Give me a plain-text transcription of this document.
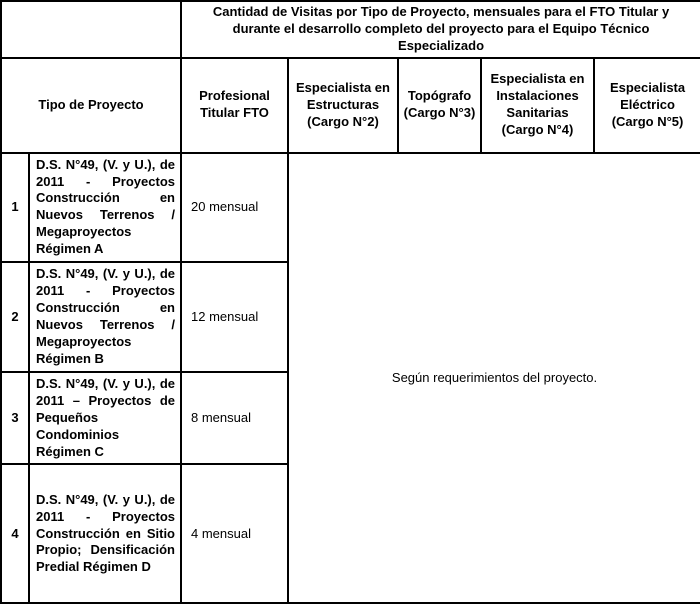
		Cantidad de Visitas por Tipo de Proyecto, mensuales para el FTO Titular y durante el desarrollo completo del proyecto para el Equipo Técnico Especializado				
Tipo de Proyecto		Profesional Titular FTO	Especialista en Estructuras (Cargo N°2)	Topógrafo (Cargo N°3)	Especialista en Instalaciones Sanitarias (Cargo N°4)	Especialista Eléctrico (Cargo N°5)
1	D.S. N°49, (V. y U.), de 2011 - Proyectos Construcción en Nuevos Terrenos / Megaproyectos Régimen A	20 mensual	Según requerimientos del proyecto.			
2	D.S. N°49, (V. y U.), de 2011 - Proyectos Construcción en Nuevos Terrenos / Megaproyectos Régimen B	12 mensual				
3	D.S. N°49, (V. y U.), de 2011 – Proyectos de Pequeños Condominios Régimen C	8 mensual				
4	D.S. N°49, (V. y U.), de 2011 - Proyectos Construcción en Sitio Propio; Densificación Predial Régimen D	4 mensual				
